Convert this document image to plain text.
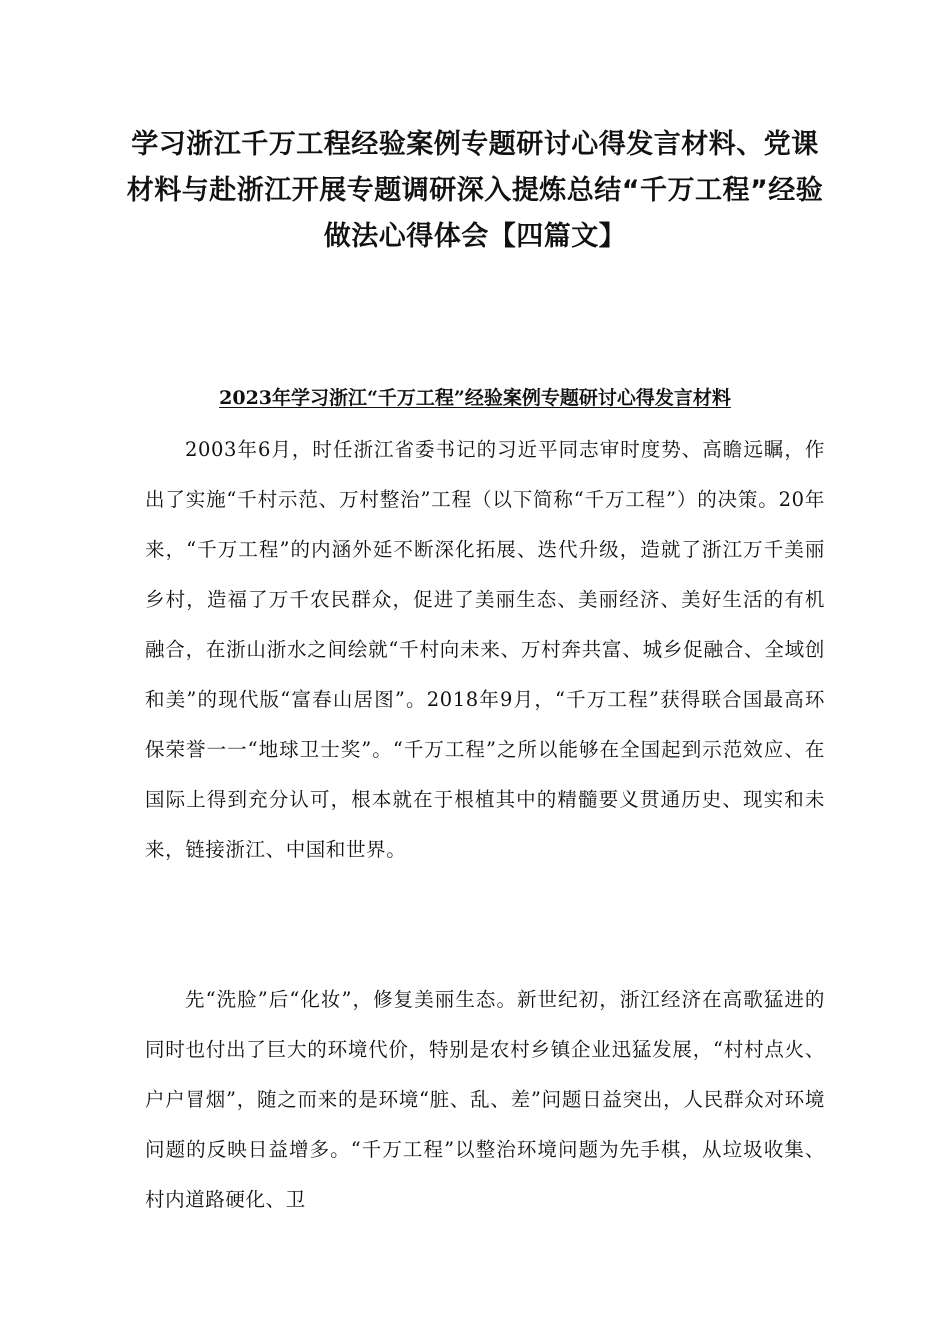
学习浙江千万工程经验案例专题研讨心得发言材料、党课材料与赴浙江开展专题调研深入提炼总结“千万工程”经验做法心得体会【四篇文】
2023年学习浙江“千万工程”经验案例专题研讨心得发言材料

2003年6月，时任浙江省委书记的习近平同志审时度势、高瞻远瞩，作出了实施“千村示范、万村整治”工程（以下简称“千万工程”）的决策。20年来，“千万工程”的内涵外延不断深化拓展、迭代升级，造就了浙江万千美丽乡村，造福了万千农民群众，促进了美丽生态、美丽经济、美好生活的有机融合，在浙山浙水之间绘就“千村向未来、万村奔共富、城乡促融合、全域创和美”的现代版“富春山居图”。2018年9月，“千万工程”获得联合国最高环保荣誉一一“地球卫士奖”。“千万工程”之所以能够在全国起到示范效应、在国际上得到充分认可，根本就在于根植其中的精髓要义贯通历史、现实和未来，链接浙江、中国和世界。

先“洗脸”后“化妆”，修复美丽生态。新世纪初，浙江经济在高歌猛进的同时也付出了巨大的环境代价，特别是农村乡镇企业迅猛发展，“村村点火、户户冒烟”，随之而来的是环境“脏、乱、差”问题日益突出，人民群众对环境问题的反映日益增多。“千万工程”以整治环境问题为先手棋，从垃圾收集、村内道路硬化、卫
